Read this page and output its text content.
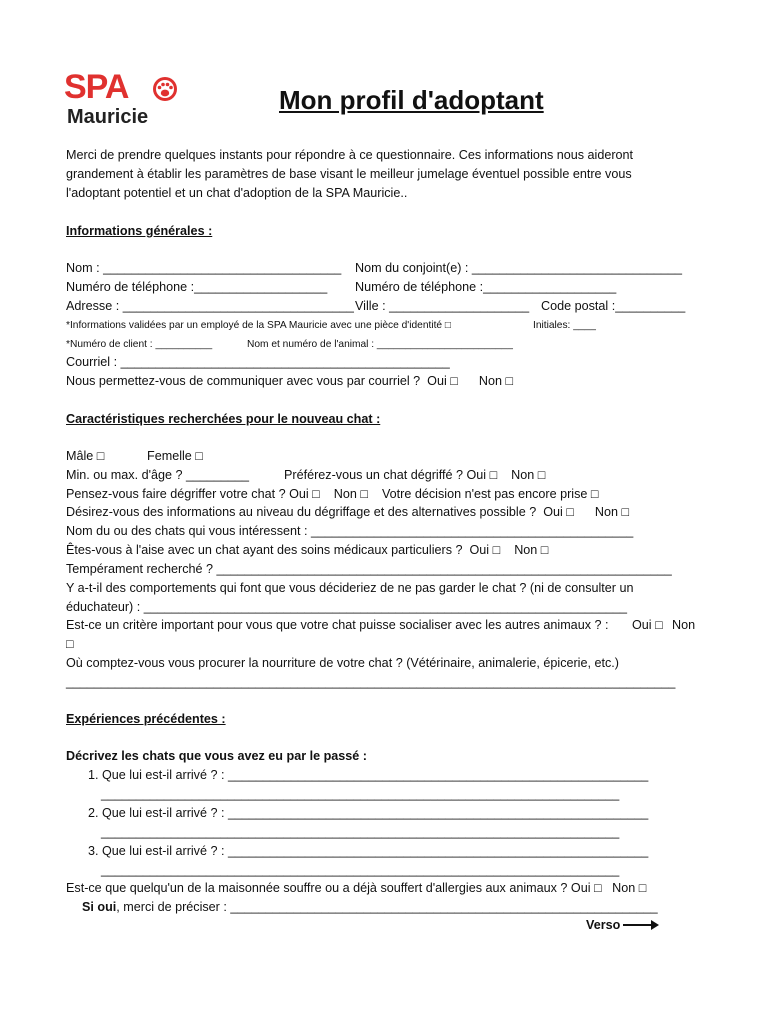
SPA
Mauricie
Mon profil d'adoptant
Merci de prendre quelques instants pour répondre à ce questionnaire. Ces informations nous aideront
grandement à établir les paramètres de base visant le meilleur jumelage éventuel possible entre vous
l'adoptant potentiel et un chat d'adoption de la SPA Mauricie..
Informations générales :
Nom : __________________________________ Nom du conjoint(e) : ______________________________
Numéro de téléphone :___________________ Numéro de téléphone :___________________
Adresse : _________________________________ Ville : ____________________ Code postal :__________
*Informations validées par un employé de la SPA Mauricie avec une pièce d'identité □	Initiales: ____
*Numéro de client : __________	Nom et numéro de l'animal : ________________________
Courriel : _______________________________________________
Nous permettez-vous de communiquer avec vous par courriel ?  Oui □      Non □
Caractéristiques recherchées pour le nouveau chat :
Mâle □	Femelle □
Min. ou max. d'âge ? _________	Préférez-vous un chat dégriffé ? Oui □    Non □
Pensez-vous faire dégriffer votre chat ? Oui □    Non □    Votre décision n'est pas encore prise □
Désirez-vous des informations au niveau du dégriffage et des alternatives possible ?  Oui □      Non □
Nom du ou des chats qui vous intéressent : ______________________________________________
Êtes-vous à l'aise avec un chat ayant des soins médicaux particuliers ?  Oui □    Non □
Tempérament recherché ? _________________________________________________________________
Y a-t-il des comportements qui font que vous décideriez de ne pas garder le chat ? (ni de consulter un
éduchateur) : _____________________________________________________________________
Est-ce un critère important pour vous que votre chat puisse socialiser avec les autres animaux ? : Oui □ Non
□
Où comptez-vous vous procurer la nourriture de votre chat ? (Vétérinaire, animalerie, épicerie, etc.)
_______________________________________________________________________________________
Expériences précédentes :
Décrivez les chats que vous avez eu par le passé :
1. Que lui est-il arrivé ? : ____________________________________________________________
__________________________________________________________________________
2. Que lui est-il arrivé ? : ____________________________________________________________
__________________________________________________________________________
3. Que lui est-il arrivé ? : ____________________________________________________________
__________________________________________________________________________
Est-ce que quelqu'un de la maisonnée souffre ou a déjà souffert d'allergies aux animaux ? Oui □   Non □
Si oui, merci de préciser : _____________________________________________________________
Verso
